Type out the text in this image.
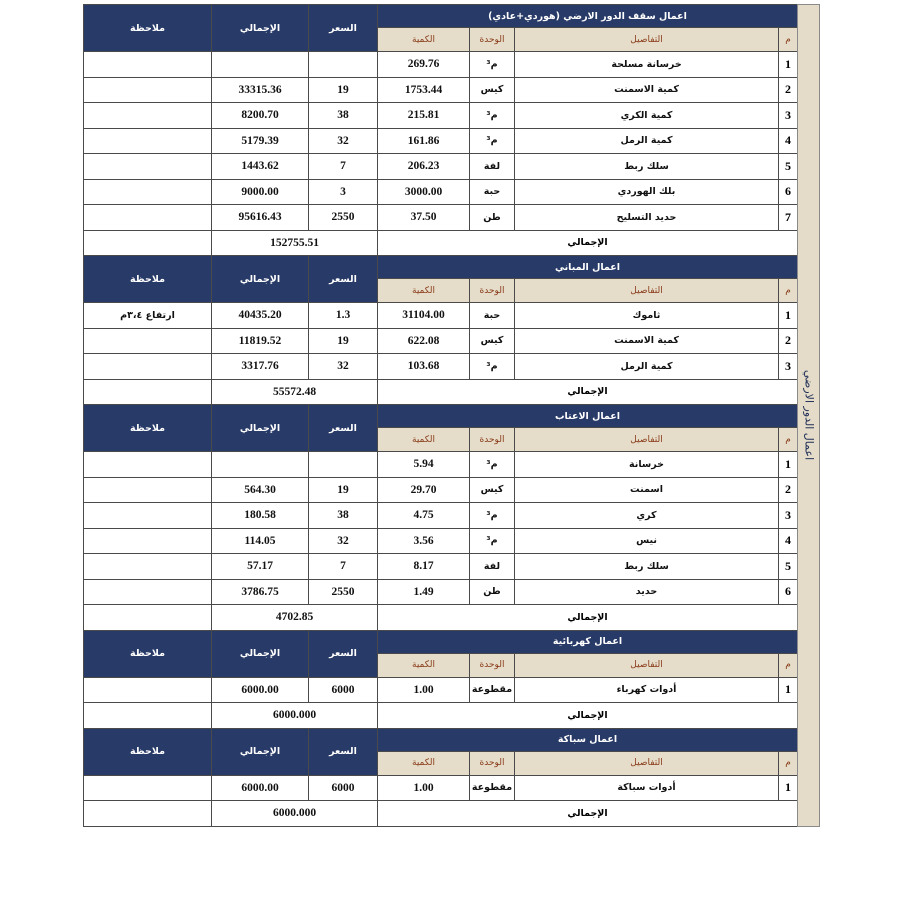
اعمال الدور الارضي
اعمال سقف الدور الارضي (هوردي+عادي)				السعر	الإجمالي	ملاحظة
م	التفاصيل	الوحدة	الكمية			
1	خرسانة مسلحة	م³	269.76			
2	كمية الاسمنت	كيس	1753.44	19	33315.36	
3	كمية الكري	م³	215.81	38	8200.70	
4	كمية الرمل	م³	161.86	32	5179.39	
5	سلك ربط	لفة	206.23	7	1443.62	
6	بلك الهوردي	حبة	3000.00	3	9000.00	
7	حديد التسليح	طن	37.50	2550	95616.43	
الإجمالي				152755.51		
اعمال المباني				السعر	الإجمالي	ملاحظة
م	التفاصيل	الوحدة	الكمية			
1	ثاموك	حبة	31104.00	1.3	40435.20	ارتفاع ٣،٤م
2	كمية الاسمنت	كيس	622.08	19	11819.52	
3	كمية الرمل	م³	103.68	32	3317.76	
الإجمالي				55572.48		
اعمال الاعتاب				السعر	الإجمالي	ملاحظة
م	التفاصيل	الوحدة	الكمية			
1	خرسانة	م³	5.94			
2	اسمنت	كيس	29.70	19	564.30	
3	كري	م³	4.75	38	180.58	
4	نيس	م³	3.56	32	114.05	
5	سلك ربط	لفة	8.17	7	57.17	
6	حديد	طن	1.49	2550	3786.75	
الإجمالي				4702.85		
اعمال كهربائية				السعر	الإجمالي	ملاحظة
م	التفاصيل	الوحدة	الكمية			
1	أدوات كهرباء	مقطوعة	1.00	6000	6000.00	
الإجمالي				6000.000		
اعمال سباكة				السعر	الإجمالي	ملاحظة
م	التفاصيل	الوحدة	الكمية			
1	أدوات سباكة	مقطوعة	1.00	6000	6000.00	
الإجمالي				6000.000		
